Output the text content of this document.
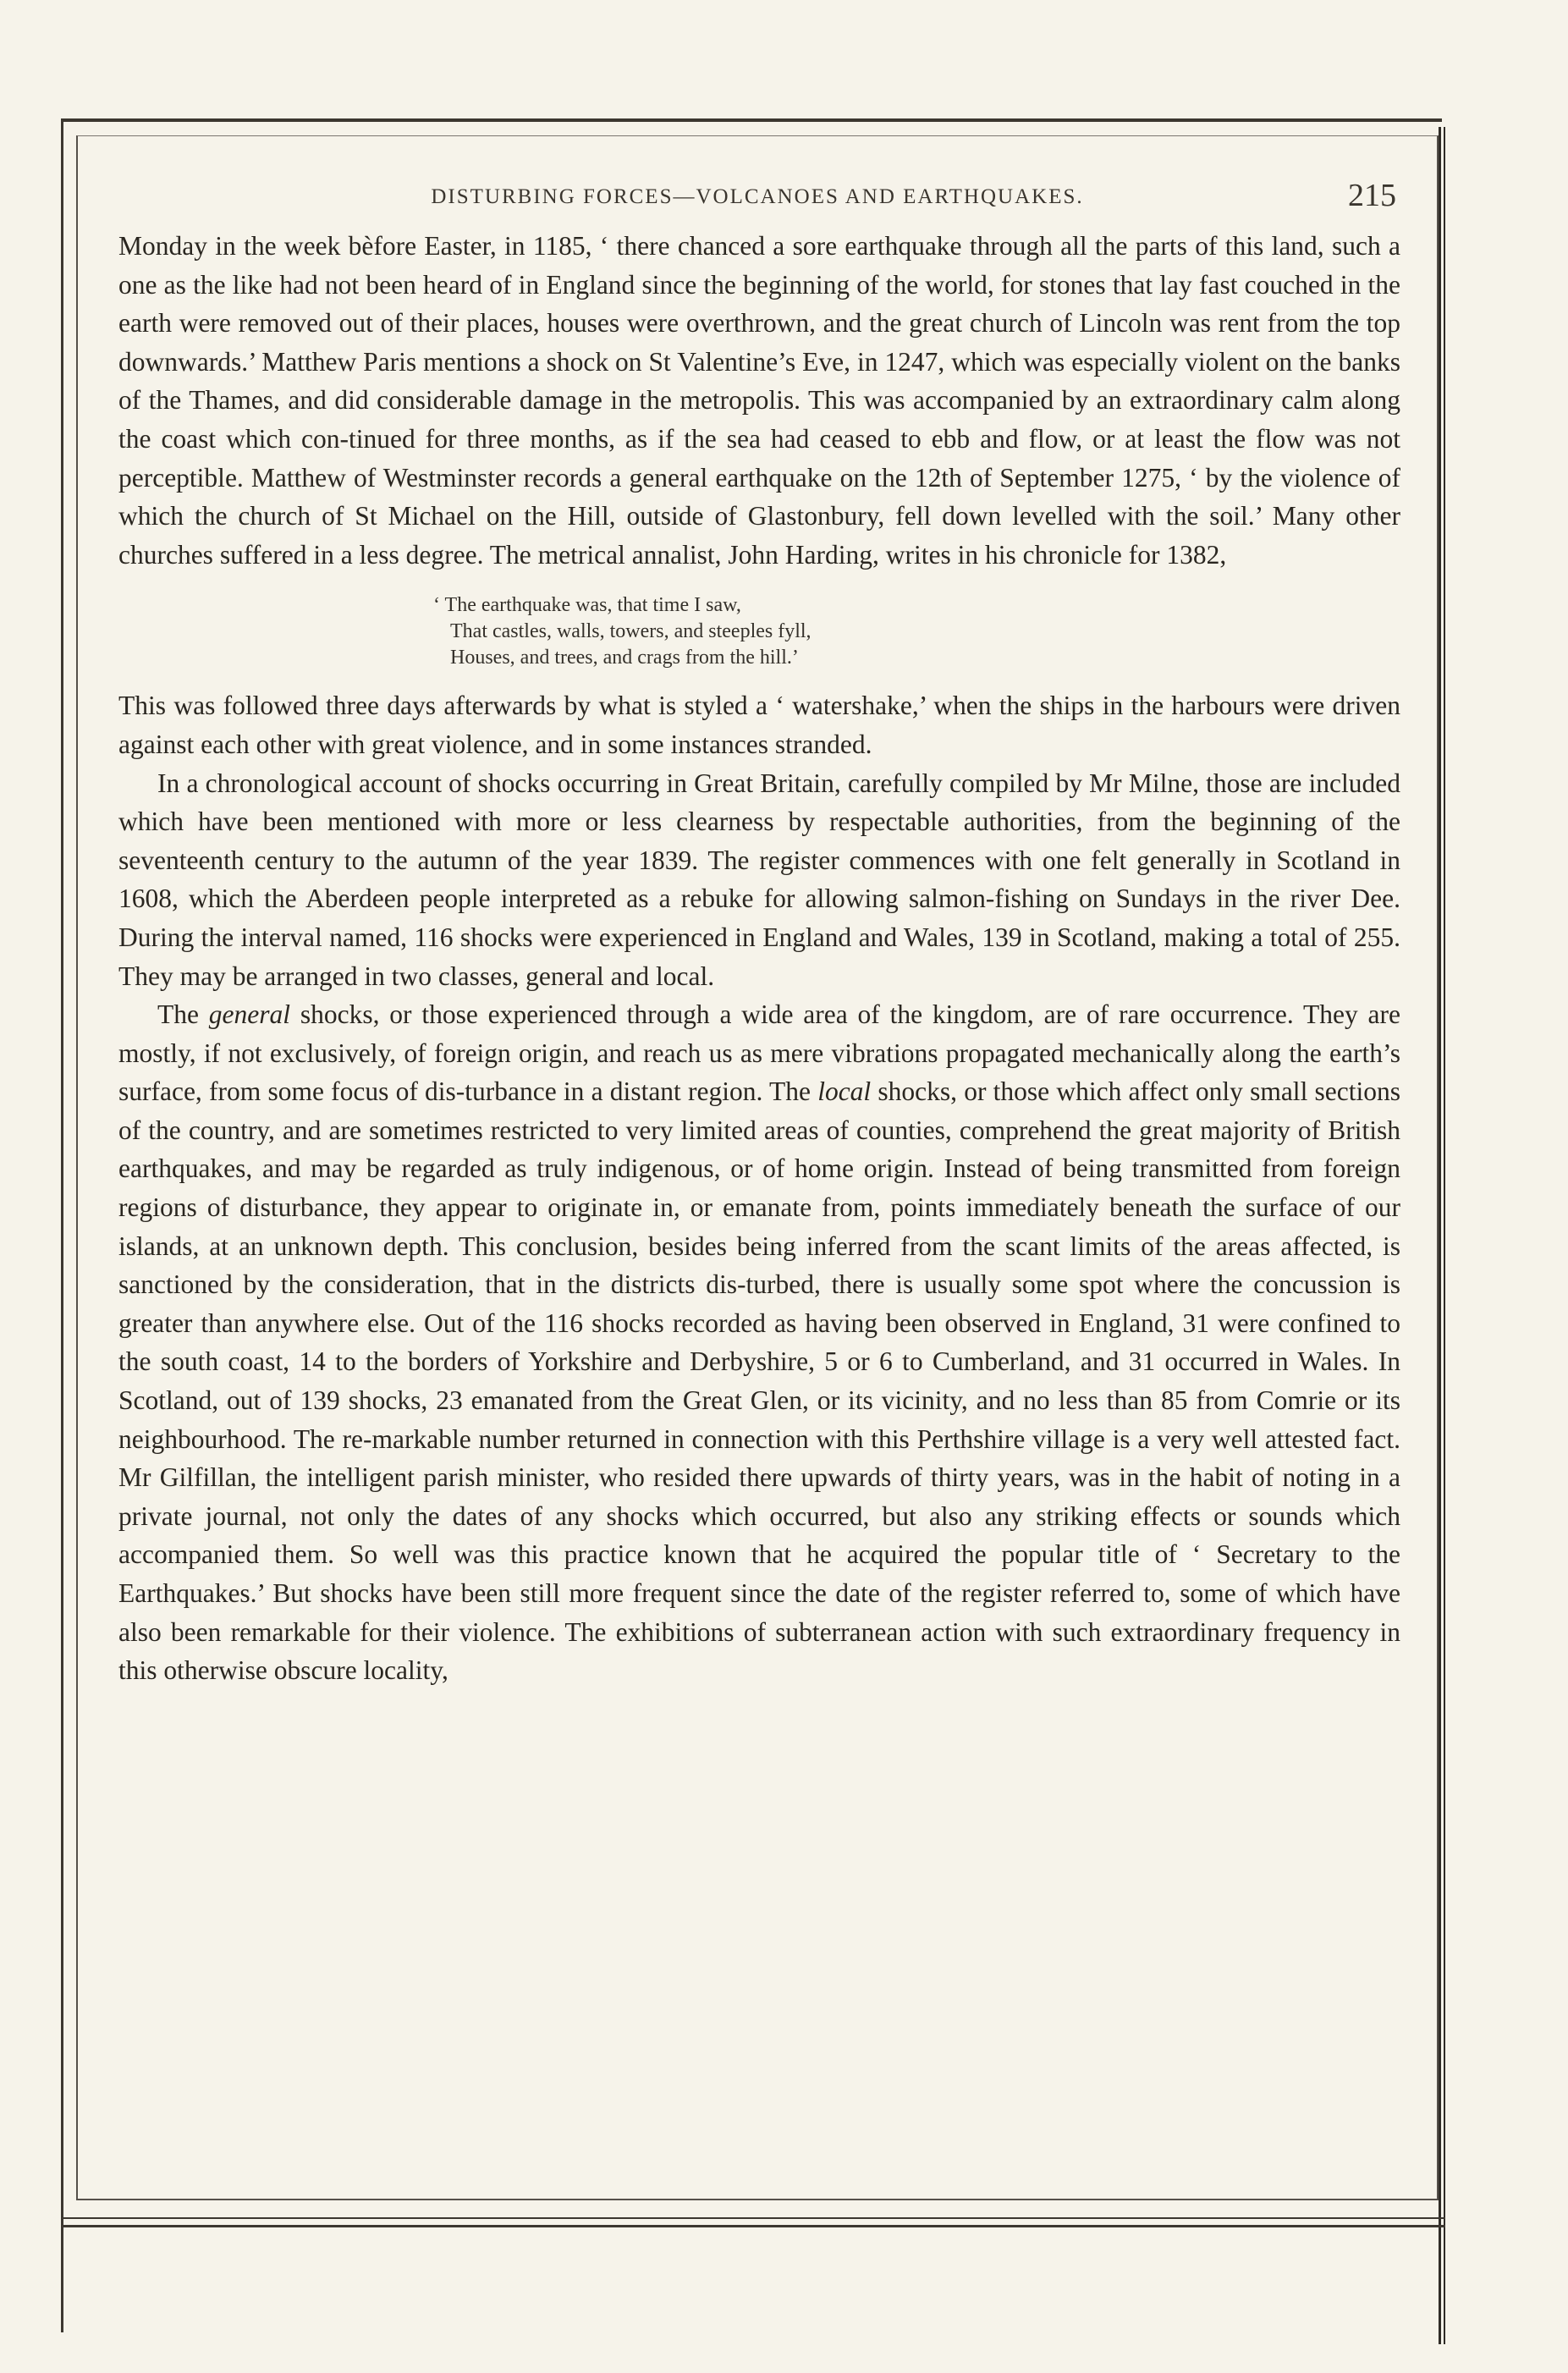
DISTURBING FORCES—VOLCANOES AND EARTHQUAKES.	215

Monday in the week bèfore Easter, in 1185, ‘ there chanced a sore earthquake through all the parts of this land, such a one as the like had not been heard of in England since the beginning of the world, for stones that lay fast couched in the earth were removed out of their places, houses were overthrown, and the great church of Lincoln was rent from the top downwards.’ Matthew Paris mentions a shock on St Valentine’s Eve, in 1247, which was especially violent on the banks of the Thames, and did considerable damage in the metropolis. This was accompanied by an extraordinary calm along the coast which con-tinued for three months, as if the sea had ceased to ebb and flow, or at least the flow was not perceptible. Matthew of Westminster records a general earthquake on the 12th of September 1275, ‘ by the violence of which the church of St Michael on the Hill, outside of Glastonbury, fell down levelled with the soil.’ Many other churches suffered in a less degree. The metrical annalist, John Harding, writes in his chronicle for 1382,

‘ The earthquake was, that time I saw,
That castles, walls, towers, and steeples fyll,
Houses, and trees, and crags from the hill.’

This was followed three days afterwards by what is styled a ‘ watershake,’ when the ships in the harbours were driven against each other with great violence, and in some instances stranded.

In a chronological account of shocks occurring in Great Britain, carefully compiled by Mr Milne, those are included which have been mentioned with more or less clearness by respectable authorities, from the beginning of the seventeenth century to the autumn of the year 1839. The register commences with one felt generally in Scotland in 1608, which the Aberdeen people interpreted as a rebuke for allowing salmon-fishing on Sundays in the river Dee. During the interval named, 116 shocks were experienced in England and Wales, 139 in Scotland, making a total of 255. They may be arranged in two classes, general and local.

The general shocks, or those experienced through a wide area of the kingdom, are of rare occurrence. They are mostly, if not exclusively, of foreign origin, and reach us as mere vibrations propagated mechanically along the earth’s surface, from some focus of dis-turbance in a distant region. The local shocks, or those which affect only small sections of the country, and are sometimes restricted to very limited areas of counties, comprehend the great majority of British earthquakes, and may be regarded as truly indigenous, or of home origin. Instead of being transmitted from foreign regions of disturbance, they appear to originate in, or emanate from, points immediately beneath the surface of our islands, at an unknown depth. This conclusion, besides being inferred from the scant limits of the areas affected, is sanctioned by the consideration, that in the districts dis-turbed, there is usually some spot where the concussion is greater than anywhere else. Out of the 116 shocks recorded as having been observed in England, 31 were confined to the south coast, 14 to the borders of Yorkshire and Derbyshire, 5 or 6 to Cumberland, and 31 occurred in Wales. In Scotland, out of 139 shocks, 23 emanated from the Great Glen, or its vicinity, and no less than 85 from Comrie or its neighbourhood. The re-markable number returned in connection with this Perthshire village is a very well attested fact. Mr Gilfillan, the intelligent parish minister, who resided there upwards of thirty years, was in the habit of noting in a private journal, not only the dates of any shocks which occurred, but also any striking effects or sounds which accompanied them. So well was this practice known that he acquired the popular title of ‘ Secretary to the Earthquakes.’ But shocks have been still more frequent since the date of the register referred to, some of which have also been remarkable for their violence. The exhibitions of subterranean action with such extraordinary frequency in this otherwise obscure locality,
